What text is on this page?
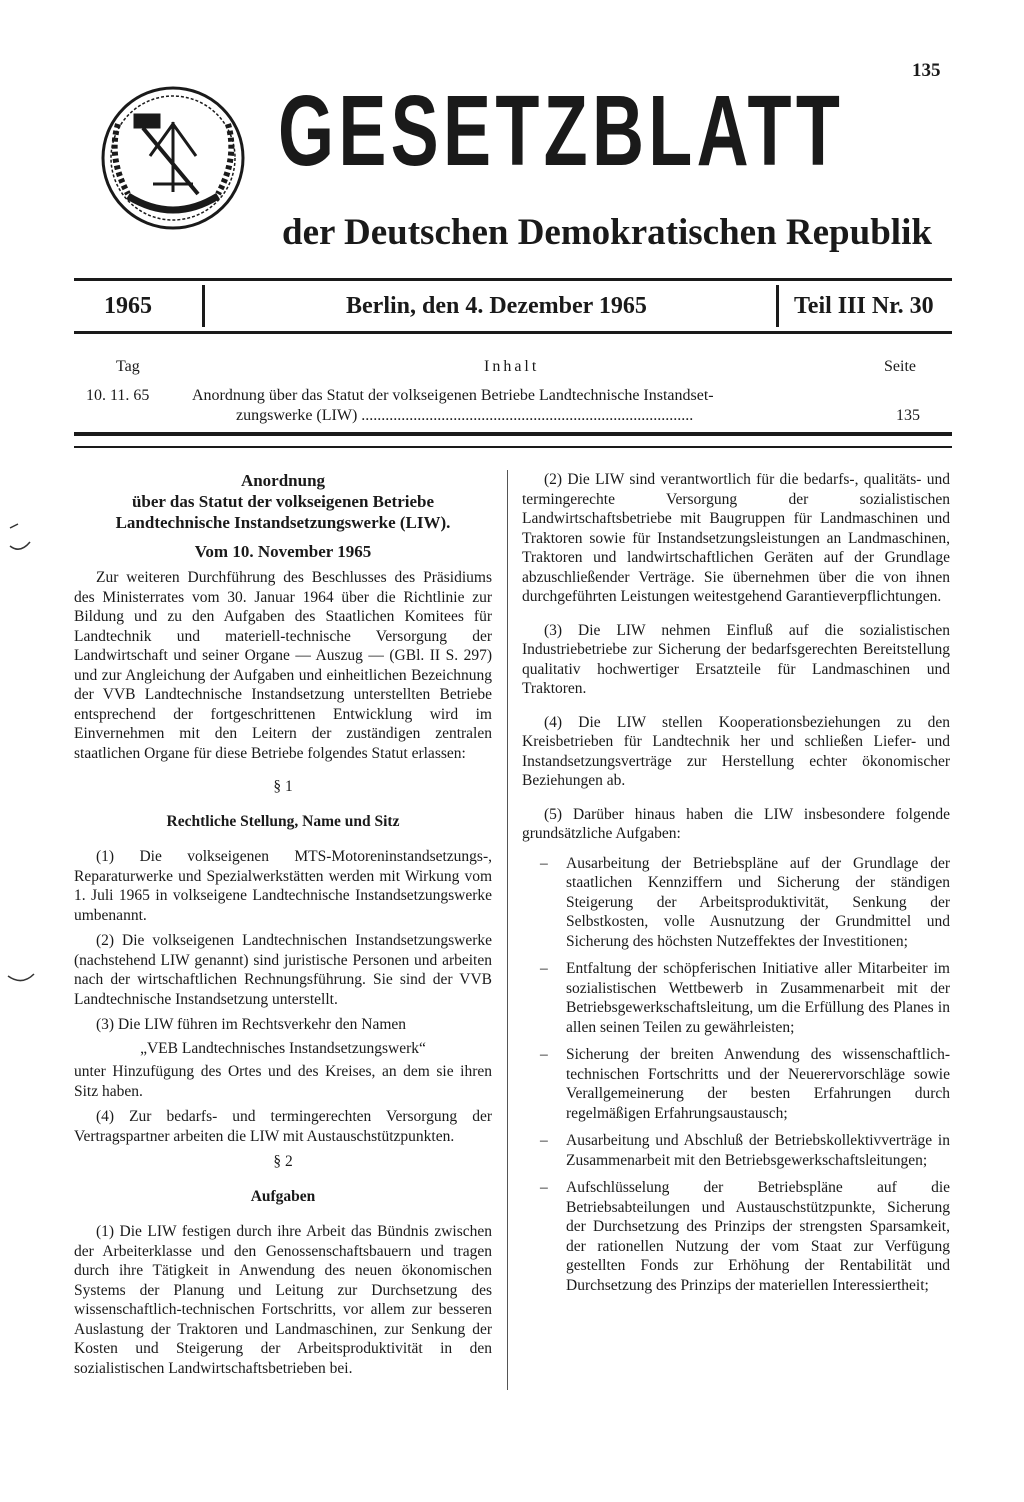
135
GESETZBLATT
der Deutschen Demokratischen Republik
1965	Berlin, den 4. Dezember 1965	Teil III Nr. 30
Tag	Inhalt	Seite
10. 11. 65	Anordnung über das Statut der volkseigenen Betriebe Landtechnische Instandset-
zungswerke (LIW) ...................................................................................	135

Anordnung

über das Statut der volkseigenen Betriebe

Landtechnische Instandsetzungswerke (LIW).

Vom 10. November 1965

Zur weiteren Durchführung des Beschlusses des Präsidiums des Ministerrates vom 30. Januar 1964 über die Richtlinie zur Bildung und zu den Aufgaben des Staatlichen Komitees für Landtechnik und materiell-technische Versorgung der Landwirtschaft und seiner Organe — Auszug — (GBl. II S. 297) und zur Angleichung der Aufgaben und einheitlichen Bezeichnung der VVB Landtechnische Instandsetzung unterstellten Betriebe entsprechend der fortgeschrittenen Entwicklung wird im Einvernehmen mit den Leitern der zuständigen zentralen staatlichen Organe für diese Betriebe folgendes Statut erlassen:

§ 1

Rechtliche Stellung, Name und Sitz

(1) Die volkseigenen MTS-Motoreninstandsetzungs-, Reparaturwerke und Spezialwerkstätten werden mit Wirkung vom 1. Juli 1965 in volkseigene Landtechnische Instandsetzungswerke umbenannt.

(2) Die volkseigenen Landtechnischen Instandsetzungswerke (nachstehend LIW genannt) sind juristische Personen und arbeiten nach der wirtschaftlichen Rechnungsführung. Sie sind der VVB Landtechnische Instandsetzung unterstellt.

(3) Die LIW führen im Rechtsverkehr den Namen

„VEB Landtechnisches Instandsetzungswerk“

unter Hinzufügung des Ortes und des Kreises, an dem sie ihren Sitz haben.

(4) Zur bedarfs- und termingerechten Versorgung der Vertragspartner arbeiten die LIW mit Austauschstützpunkten.

§ 2

Aufgaben

(1) Die LIW festigen durch ihre Arbeit das Bündnis zwischen der Arbeiterklasse und den Genossenschaftsbauern und tragen durch ihre Tätigkeit in Anwendung des neuen ökonomischen Systems der Planung und Leitung zur Durchsetzung des wissenschaftlich-technischen Fortschritts, vor allem zur besseren Auslastung der Traktoren und Landmaschinen, zur Senkung der Kosten und Steigerung der Arbeitsproduktivität in den sozialistischen Landwirtschaftsbetrieben bei.

(2) Die LIW sind verantwortlich für die bedarfs-, qualitäts- und termingerechte Versorgung der sozialistischen Landwirtschaftsbetriebe mit Baugruppen für Landmaschinen und Traktoren sowie für Instandsetzungsleistungen an Landmaschinen, Traktoren und landwirtschaftlichen Geräten auf der Grundlage abzuschließender Verträge. Sie übernehmen über die von ihnen durchgeführten Leistungen weitestgehend Garantieverpflichtungen.

(3) Die LIW nehmen Einfluß auf die sozialistischen Industriebetriebe zur Sicherung der bedarfsgerechten Bereitstellung qualitativ hochwertiger Ersatzteile für Landmaschinen und Traktoren.

(4) Die LIW stellen Kooperationsbeziehungen zu den Kreisbetrieben für Landtechnik her und schließen Liefer- und Instandsetzungsverträge zur Herstellung echter ökonomischer Beziehungen ab.

(5) Darüber hinaus haben die LIW insbesondere folgende grundsätzliche Aufgaben:

– Ausarbeitung der Betriebspläne auf der Grundlage der staatlichen Kennziffern und Sicherung der ständigen Steigerung der Arbeitsproduktivität, Senkung der Selbstkosten, volle Ausnutzung der Grundmittel und Sicherung des höchsten Nutzeffektes der Investitionen;

– Entfaltung der schöpferischen Initiative aller Mitarbeiter im sozialistischen Wettbewerb in Zusammenarbeit mit der Betriebsgewerkschaftsleitung, um die Erfüllung des Planes in allen seinen Teilen zu gewährleisten;

– Sicherung der breiten Anwendung des wissenschaftlich-technischen Fortschritts und der Neuerervorschläge sowie Verallgemeinerung der besten Erfahrungen durch regelmäßigen Erfahrungsaustausch;

– Ausarbeitung und Abschluß der Betriebskollektivverträge in Zusammenarbeit mit den Betriebsgewerkschaftsleitungen;

– Aufschlüsselung der Betriebspläne auf die Betriebsabteilungen und Austauschstützpunkte, Sicherung der Durchsetzung des Prinzips der strengsten Sparsamkeit, der rationellen Nutzung der vom Staat zur Verfügung gestellten Fonds zur Erhöhung der Rentabilität und Durchsetzung des Prinzips der materiellen Interessiertheit;
